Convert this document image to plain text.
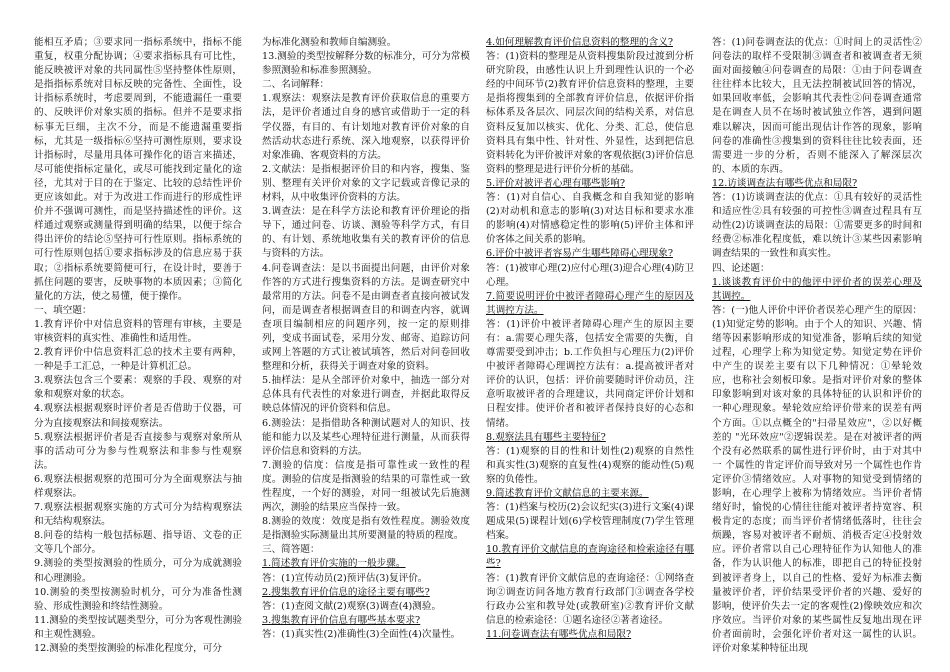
能相互矛盾；③要求同一指标系统中，指标不能重复，权重分配协调；④要求指标具有可比性，能反映被评对象的共同属性⑤坚持整体性原则，是指指标系统对目标反映的完备性、全面性，设计指标系统时，考虑要周到，不能遗漏任一重要的、反映评价对象实质的指标。但并不是要求指标事无巨细，主次不分，而是不能遗漏重要指标，尤其是一级指标⑥坚持可测性原则，要求设计指标时，尽量用具体可操作化的语言来描述，尽可能使指标定量化，或尽可能找到定量化的途径，尤其对于目的在于鉴定、比较的总结性评价更应该如此。对于为改进工作而进行的形成性评价并不强调可测性，而是坚持描述性的评价。这样通过观察或测量得到明确的结果，以便于综合得出评价的结论⑤坚持可行性原则。指标系统的可行性原则包括①要求指标涉及的信息应易于获取；②指标系统要简便可行，在设计时，要善于抓住问题的要害，反映事物的本质因素；③简化量化的方法，使之易懂，便于操作。

一、填空题：

1.教育评价中对信息资料的管理有审核，主要是审核资料的真实性、准确性和适用性。

2.教育评价中信息资料汇总的技术主要有两种，一种是手工汇总，一种是计算机汇总。

3.观察法包含三个要素：观察的手段、观察的对象和观察对象的状态。

4.观察法根据观察时评价者是否借助于仪器，可分为直接观察法和间接观察法。

5.观察法根据评价者是否直接参与观察对象所从事的活动可分为参与性观察法和非参与性观察法。

6.观察法根据观察的范围可分为全面观察法与抽样观察法。

7.观察法根据观察实施的方式可分为结构观察法和无结构观察法。

8.问卷的结构一般包括标题、指导语、文卷的正文等几个部分。

9.测验的类型按测验的性质分，可分为成就测验和心理测验。

10.测验的类型按测验时机分，可分为准备性测验、形成性测验和终结性测验。

11.测验的类型按试题类型分，可分为客观性测验和主观性测验。

12.测验的类型按测验的标准化程度分，可分

为标准化测验和教师自编测验。

13.测验的类型按解释分数的标准分，可分为常模参照测验和标准参照测验。

二、名词解释：

1.观察法：观察法是教育评价获取信息的重要方法，是评价者通过自身的感官或借助于一定的科学仪器，有目的、有计划地对教育评价对象的自然活动状态进行系统、深入地观察，以获得评价对象准确、客观资料的方法。

2.文献法：是指根据评价目的和内容，搜集、鉴别、整理有关评价对象的文字记载或音像记录的材料，从中收集评价资料的方法。

3.调查法：是在科学方法论和教育评价理论的指导下，通过问卷、访谈、测验等科学方式，有目的、有计划、系统地收集有关的教育评价的信息与资料的方法。

4.问卷调查法：是以书面提出问题，由评价对象作答的方式进行搜集资料的方法。是调查研究中最常用的方法。问卷不是由调查者直接向被试发问，而是调查者根据调查目的和调查内容，就调查项目编制相应的问题序列，按一定的原则排列，变成书面试卷，采用分发、邮寄、追踪访问或网上答题的方式让被试填答，然后对问卷回收整理和分析，获得关于调查对象的资料。

5.抽样法：是从全部评价对象中，抽选一部分对总体具有代表性的对象进行调查，并据此取得反映总体情况的评价资料和信息。

6.测验法：是指借助各种测试题对人的知识、技能和能力以及某些心理特征进行测量，从而获得评价信息和资料的方法。

7.测验的信度：信度是指可靠性或一致性的程度。测验的信度是指测验的结果的可靠性或一致性程度，一个好的测验，对同一组被试先后施测两次，测验的结果应当保持一致。

8.测验的效度：效度是指有效性程度。测验效度是指测验实际测量出其所要测量的特质的程度。

三、简答题：

1.简述教育评价实施的一般步骤。

答：(1)宣传动员(2)预评估(3)复评价。

2.搜集教育评价信息的途径主要有哪些?

答：(1)查阅文献(2)观察(3)调查(4)测验。

3.搜集教育评价信息有哪些基本要求?

答：(1)真实性(2)准确性(3)全面性(4)次量性。

4.如何理解教育评价信息资料的整理的含义?

答：(1)资料的整理是从资料搜集阶段过渡到分析研究阶段，由感性认识上升到理性认识的一个必经的中间环节(2)教育评价信息资料的整理，主要是指将搜集到的全部教育评价信息，依据评价指标体系及各层次、同层次间的结构关系，对信息资料反复加以核实、优化、分类、汇总，使信息资料具有集中性、针对性、外显性，达到把信息资料转化为评价被评对象的客观依据(3)评价信息资料的整理是进行评价分析的基础。

5.评价对被评者心理有哪些影响?

答：(1)对自信心、自我概念和自我知觉的影响(2)对动机和意志的影响(3)对达目标和要求水准的影响(4)对情感稳定性的影响(5)评价主体和评价客体之间关系的影响。

6.评价中被评者容易产生哪些障碍心理现象?

答：(1)被审心理(2)应付心理(3)迎合心理(4)防卫心理。

7.简要说明评价中被评者障碍心理产生的原因及其调控方法。

答：(1)评价中被评者障碍心理产生的原因主要有：a.需要心理失落，包括安全需要的失衡，自尊需要受到冲击；b.工作负担与心理压力(2)评价中被评者障碍心理调控方法有：a.提高被评者对评价的认识，包括：评价前要随时评价动员，注意听取被评者的合理建议，共同商定评价计划和日程安排。使评价者和被评者保持良好的心态和情绪。

8.观察法具有哪些主要特征?

答：(1)观察的目的性和计划性(2)观察的自然性和真实性(3)观察的直复性(4)观察的能动性(5)观察的负倦性。

9.简述教育评价文献信息的主要来源。

答：(1)档案与校历(2)会议纪实(3)进行文案(4)课题成果(5)课程计划(6)学校管理制度(7)学生管理档案。

10.教育评价文献信息的查询途径和检索途径有哪些?

答：(1)教育评价文献信息的查询途径：①网络查询②调查访问各地方教育行政部门③调查各学校行政办公室和教导处(或教研室)②教育评价文献信息的检索途径：①题名途径②著者途径。

11.问卷调查法有哪些优点和局限?

答：(1)问卷调查法的优点：①时间上的灵活性②问卷法的取样不受限制③调查者和被调查者无须面对面接触④问卷调查的局限：①由于问卷调查往往样本比较大，且无法控制被试回答的情况，如果回收率低，会影响其代表性②问卷调查通常是在调查人员不在场时被试独立作答，遇到问题难以解决，因而可能出现估计作答的现象，影响问卷的准确性③搜集到的资料往往比较表面，还需要进一步的分析，否则不能深入了解深层次的、本质的东西。

12.访谈调查法有哪些优点和局限?

答：(1)访谈调查法的优点：①具有较好的灵活性和适应性②具有较强的可控性③调查过程具有互动性(2)访谈调查法的局限：①需要更多的时间和经费②标准化程度低，难以统计③某些因素影响调查结果的一致性和真实性。

四、论述题：

1.谈谈教育评价中的他评中评价者的误差心理及其调控。

答：(一)他人评价中评价者误差心理产生的原因：(1)知觉定势的影响。由于个人的知识、兴趣、情绪等因素影响形成的知觉准备，影响后续的知觉过程，心理学上称为知觉定势。知觉定势在评价中产生的误差主要有以下几种情况：①晕轮效应，也称社会刻板印象。是指对评价对象的整体印象影响到对该对象的具体特征的认识和评价的一种心理现象。晕轮效应给评价带来的误差有两个方面。①以点概全的"扫帚星效应"，②以好概差的 "光环效应"②逻辑误差。是在对被评者的两个没有必然联系的属性进行评价时，由于对其中一 个属性的肯定评价而导致对另一个属性也作肯定评价③情绪效应。人对事物的知觉受到情绪的影响，在心理学上被称为情绪效应。当评价者情绪好时，愉悦的心情往往能对被评者持宽容、积极肯定的态度；而当评价者情绪低落时，往往会烦躁，容易对被评者不耐烦、消极否定④投射效应。评价者常以自己心理特征作为认知他人的准备，作为认识他人的标准，即把自己的特征投射到被评者身上，以自己的性格、爱好为标准去衡量被评价者，评价结果受评价者的兴趣、爱好的影响，使评价失去一定的客观性(2)像映效应和次序效应。当评价对象的某些属性反复地出现在评价者面前时，会强化评价者对这一属性的认识。评价对象某种特征出现
